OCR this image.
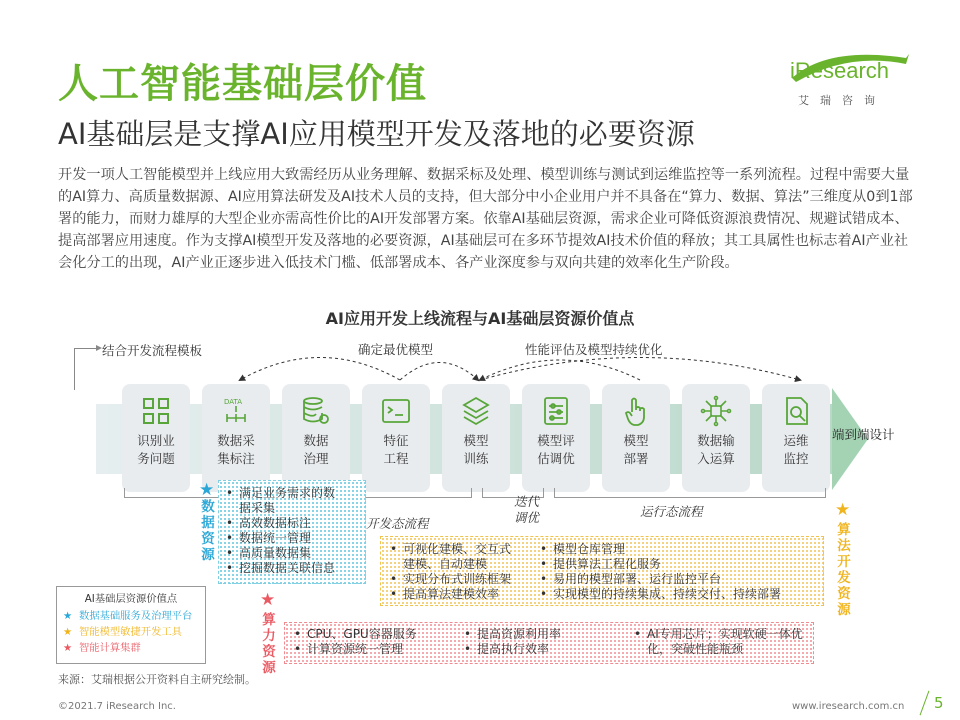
人工智能基础层价值
AI基础层是支撑AI应用模型开发及落地的必要资源
iResearch
艾瑞咨询
开发一项人工智能模型并上线应用大致需经历从业务理解、数据采标及处理、模型训练与测试到运维监控等一系列流程。过程中需要大量的AI算力、高质量数据源、AI应用算法研发及AI技术人员的支持，但大部分中小企业用户并不具备在“算力、数据、算法”三维度从0到1部署的能力，而财力雄厚的大型企业亦需高性价比的AI开发部署方案。依靠AI基础层资源，需求企业可降低资源浪费情况、规避试错成本、提高部署应用速度。作为支撑AI模型开发及落地的必要资源，AI基础层可在多环节提效AI技术价值的释放；其工具属性也标志着AI产业社会化分工的出现，AI产业正逐步进入低技术门槛、低部署成本、各产业深度参与双向共建的效率化生产阶段。
AI应用开发上线流程与AI基础层资源价值点
结合开发流程模板	确定最优模型	性能评估及模型持续优化
端到端设计
识别业
务问题
DATA
数据采
集标注
数据
治理
特征
工程
模型
训练
模型评
估调优
模型
部署
数据输
入运算
运维
监控
开发态流程
迭代
调优	运行态流程
★
数据资源
• 满足业务需求的数
据采集
• 高效数据标注
• 数据统一管理
• 高质量数据集
• 挖掘数据关联信息
★
算法开发资源
• 可视化建模、交互式
建模、自动建模
• 实现分布式训练框架
• 提高算法建模效率
• 模型仓库管理
• 提供算法工程化服务
• 易用的模型部署、运行监控平台
• 实现模型的持续集成、持续交付、持续部署
★
算力资源
• CPU、GPU容器服务
• 计算资源统一管理
• 提高资源利用率
• 提高执行效率
• AI专用芯片；实现软硬一体优
化，突破性能瓶颈
AI基础层资源价值点
★ 数据基础服务及治理平台
★ 智能模型敏捷开发工具
★ 智能计算集群
来源：艾瑞根据公开资料自主研究绘制。
©2021.7 iResearch Inc.	www.iresearch.com.cn 5
